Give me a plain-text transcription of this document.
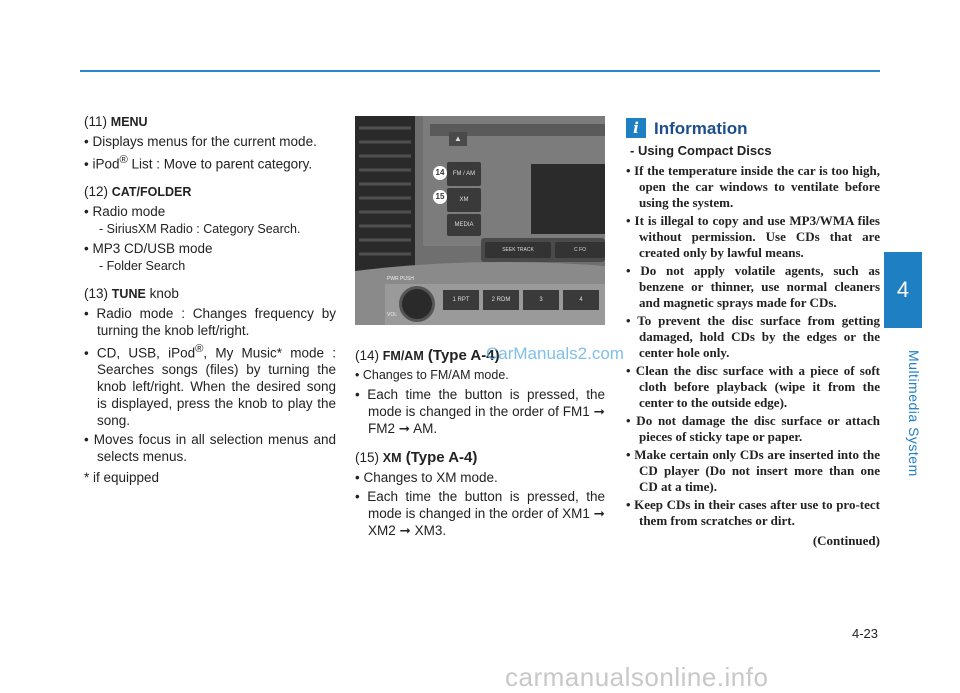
4
Multimedia System

(11) MENU

• Displays menus for the current mode.

• iPod® List : Move to parent category.

(12) CAT/FOLDER

• Radio mode

- SiriusXM Radio : Category Search.

• MP3 CD/USB mode

- Folder Search

(13) TUNE knob

• Radio mode : Changes frequency by turning the knob left/right.

• CD, USB, iPod®, My Music* mode : Searches songs (files) by turning the knob left/right. When the desired song is displayed, press the knob to play the song.

• Moves focus in all selection menus and selects menus.

* if equipped

▲
FM / AM
XM
MEDIA
SEEK TRACK	C FO
PWR PUSH
VOL
1 RPT	2 RDM	3	4
14
15

(14) FM/AM (Type A-4)

• Changes to FM/AM mode.

• Each time the button is pressed, the mode is changed in the order of FM1 ➞ FM2 ➞ AM.

(15) XM (Type A-4)

• Changes to XM mode.

• Each time the button is pressed, the mode is changed in the order of XM1 ➞ XM2 ➞ XM3.

i Information
- Using Compact Discs

• If the temperature inside the car is too high, open the car windows to ventilate before using the system.

• It is illegal to copy and use MP3/WMA files without permission. Use CDs that are created only by lawful means.

• Do not apply volatile agents, such as benzene or thinner, use normal cleaners and magnetic sprays made for CDs.

• To prevent the disc surface from getting damaged, hold CDs by the edges or the center hole only.

• Clean the disc surface with a piece of soft cloth before playback (wipe it from the center to the outside edge).

• Do not damage the disc surface or attach pieces of sticky tape or paper.

• Make certain only CDs are inserted into the CD player (Do not insert more than one CD at a time).

• Keep CDs in their cases after use to pro-tect them from scratches or dirt.

(Continued)

4-23
CarManuals2.com
carmanualsonline.info
